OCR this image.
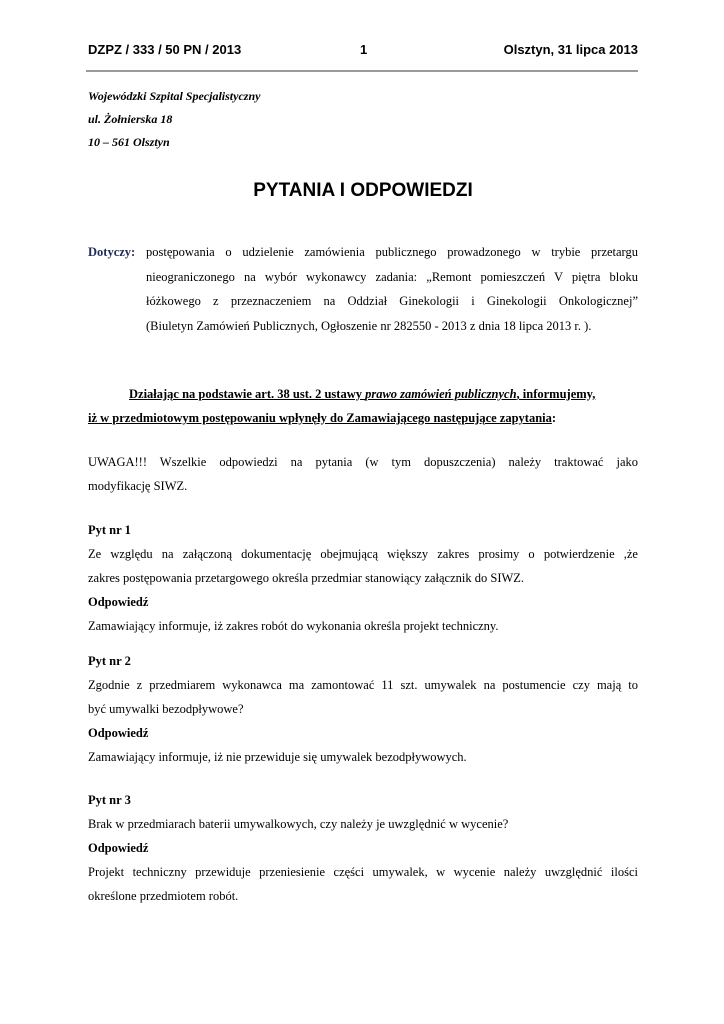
DZPZ / 333 / 50 PN / 2013	1	Olsztyn, 31 lipca 2013
Wojewódzki Szpital Specjalistyczny
ul. Żołnierska 18
10 – 561 Olsztyn
PYTANIA I ODPOWIEDZI
Dotyczy: postępowania o udzielenie zamówienia publicznego prowadzonego w trybie przetargu
nieograniczonego na wybór wykonawcy zadania: „Remont pomieszczeń V piętra bloku
łóżkowego z przeznaczeniem na Oddział Ginekologii i Ginekologii Onkologicznej”
(Biuletyn Zamówień Publicznych, Ogłoszenie nr 282550 - 2013 z dnia 18 lipca 2013 r. ).
Działając na podstawie art. 38 ust. 2 ustawy prawo zamówień publicznych, informujemy,
iż w przedmiotowym postępowaniu wpłynęły do Zamawiającego następujące zapytania:
UWAGA!!! Wszelkie odpowiedzi na pytania (w tym dopuszczenia) należy traktować jako
modyfikację SIWZ.
Pyt nr 1
Ze względu na załączoną dokumentację obejmującą większy zakres prosimy o potwierdzenie ,że
zakres postępowania przetargowego określa przedmiar stanowiący załącznik do SIWZ.
Odpowiedź
Zamawiający informuje, iż zakres robót do wykonania określa projekt techniczny.
Pyt nr 2
Zgodnie z przedmiarem wykonawca ma zamontować 11 szt. umywalek na postumencie czy mają to
być umywalki bezodpływowe?
Odpowiedź
Zamawiający informuje, iż nie przewiduje się umywalek bezodpływowych.
Pyt nr 3
Brak w przedmiarach baterii umywalkowych, czy należy je uwzględnić w wycenie?
Odpowiedź
Projekt techniczny przewiduje przeniesienie części umywalek, w wycenie należy uwzględnić ilości
określone przedmiotem robót.
